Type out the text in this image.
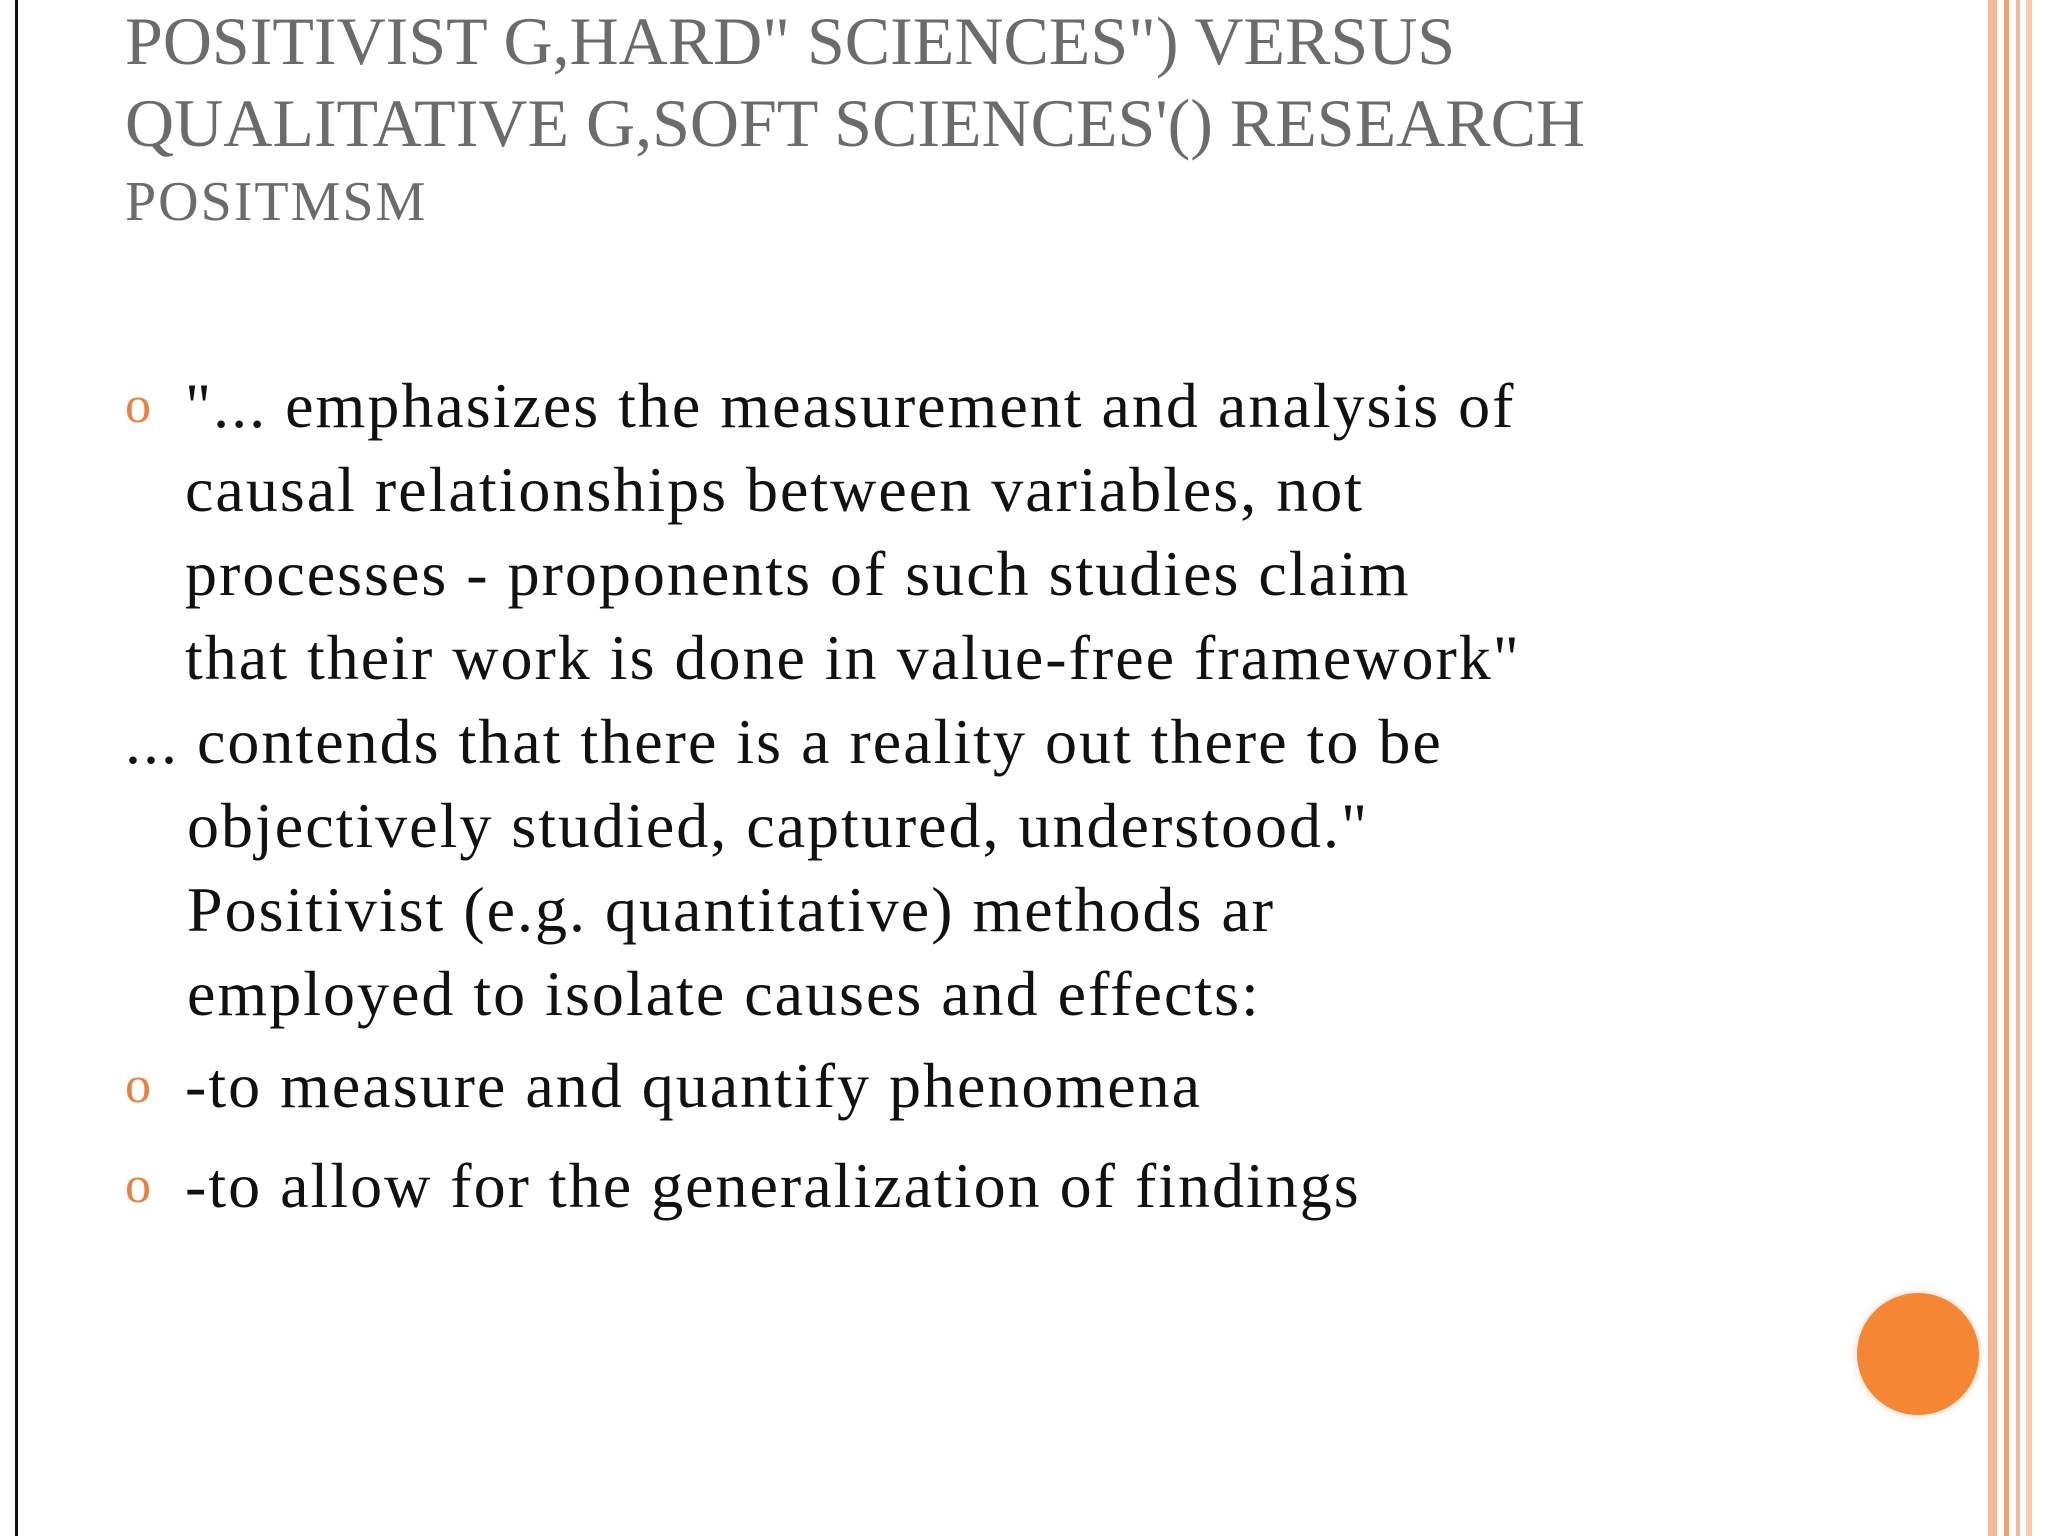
POSITIVIST G,HARD" SCIENCES") VERSUS
QUALITATIVE G,SOFT SCIENCES'() RESEARCH
POSITMSM
o "... emphasizes the measurement and analysis of
causal relationships between variables, not
processes - proponents of such studies claim
that their work is done in value-free framework"
... contends that there is a reality out there to be
objectively studied, captured, understood."
Positivist (e.g. quantitative) methods ar
employed to isolate causes and effects:
o -to measure and quantify phenomena
o -to allow for the generalization of findings
